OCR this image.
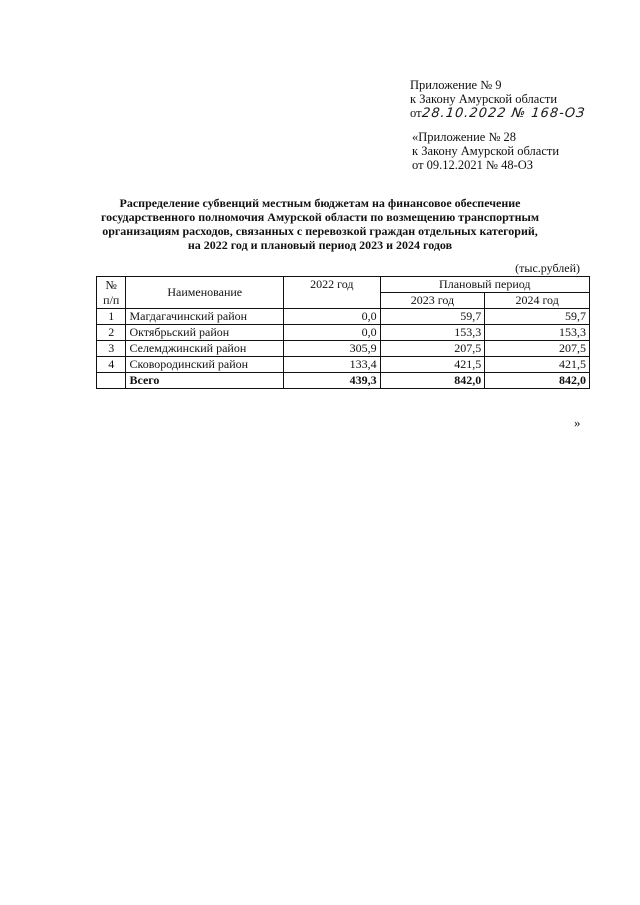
Приложение № 9
к Закону Амурской области
от28.10.2022 № 168-ОЗ
«Приложение № 28
к Закону Амурской области
от 09.12.2021 № 48-ОЗ
Распределение субвенций местным бюджетам на финансовое обеспечение государственного полномочия Амурской области по возмещению транспортным организациям расходов, связанных с перевозкой граждан отдельных категорий, на 2022 год и плановый период 2023 и 2024 годов
(тыс.рублей)
№
п/п	Наименование	2022 год	Плановый период	
			2023 год	2024 год
1	Магдагачинский район	0,0	59,7	59,7
2	Октябрьский район	0,0	153,3	153,3
3	Селемджинский район	305,9	207,5	207,5
4	Сковородинский район	133,4	421,5	421,5
	Всего	439,3	842,0	842,0
»
